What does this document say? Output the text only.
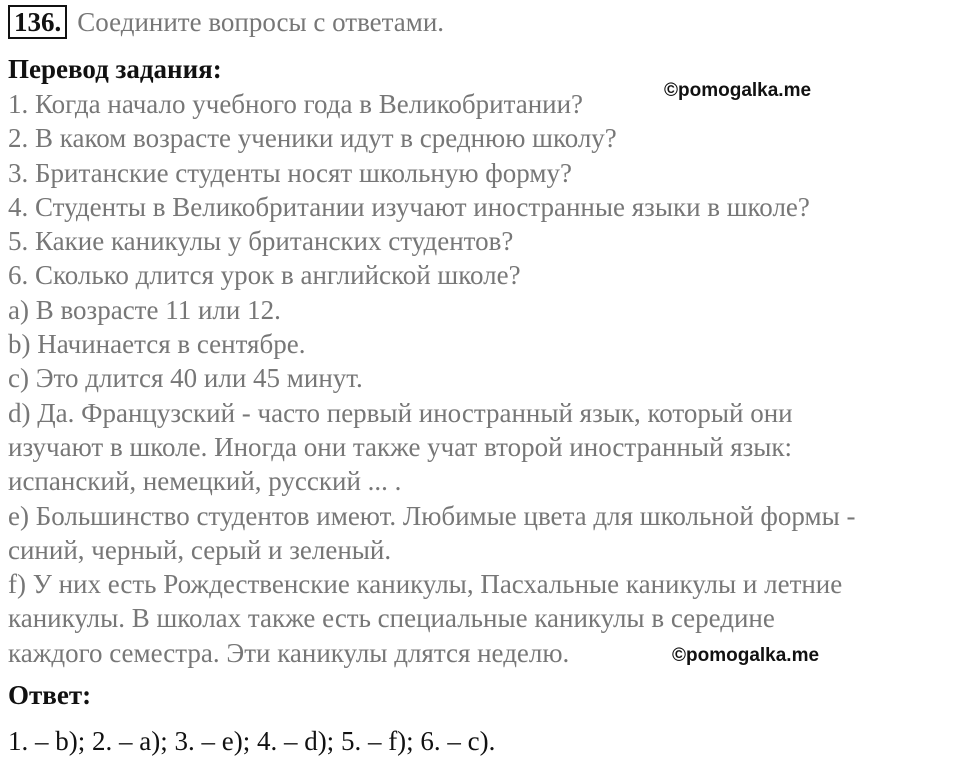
136. Соедините вопросы с ответами.
Перевод задания:
1. Когда начало учебного года в Великобритании?
2. В каком возрасте ученики идут в среднюю школу?
3. Британские студенты носят школьную форму?
4. Студенты в Великобритании изучают иностранные языки в школе?
5. Какие каникулы у британских студентов?
6. Сколько длится урок в английской школе?
a) В возрасте 11 или 12.
b) Начинается в сентябре.
c) Это длится 40 или 45 минут.
d) Да. Французский - часто первый иностранный язык, который они
изучают в школе. Иногда они также учат второй иностранный язык:
испанский, немецкий, русский ... .
e) Большинство студентов имеют. Любимые цвета для школьной формы -
синий, черный, серый и зеленый.
f) У них есть Рождественские каникулы, Пасхальные каникулы и летние
каникулы. В школах также есть специальные каникулы в середине
каждого семестра. Эти каникулы длятся неделю.
Ответ:
1. – b); 2. – a); 3. – e); 4. – d); 5. – f); 6. – c).
©pomogalka.me
©pomogalka.me
